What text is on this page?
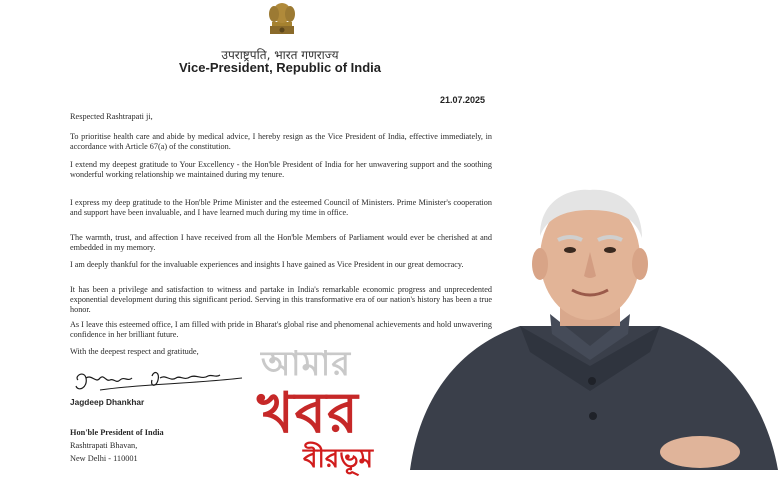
उपराष्ट्रपति, भारत गणराज्य
Vice-President, Republic of India
21.07.2025
Respected Rashtrapati ji,

To prioritise health care and abide by medical advice, I hereby resign as the Vice President of India, effective immediately, in accordance with Article 67(a) of the constitution.

I extend my deepest gratitude to Your Excellency - the Hon'ble President of India for her unwavering support and the soothing wonderful working relationship we maintained during my tenure.

I express my deep gratitude to the Hon'ble Prime Minister and the esteemed Council of Ministers. Prime Minister's cooperation and support have been invaluable, and I have learned much during my time in office.

The warmth, trust, and affection I have received from all the Hon'ble Members of Parliament would ever be cherished at and embedded in my memory.

I am deeply thankful for the invaluable experiences and insights I have gained as Vice President in our great democracy.

It has been a privilege and satisfaction to witness and partake in India's remarkable economic progress and unprecedented exponential development during this significant period. Serving in this transformative era of our nation's history has been a true honor.

As I leave this esteemed office, I am filled with pride in Bharat's global rise and phenomenal achievements and hold unwavering confidence in her brilliant future.

With the deepest respect and gratitude,
Jagdeep Dhankhar
Hon'ble President of India
Rashtrapati Bhavan,
New Delhi - 110001
আমার
খবর
বীরভূম
